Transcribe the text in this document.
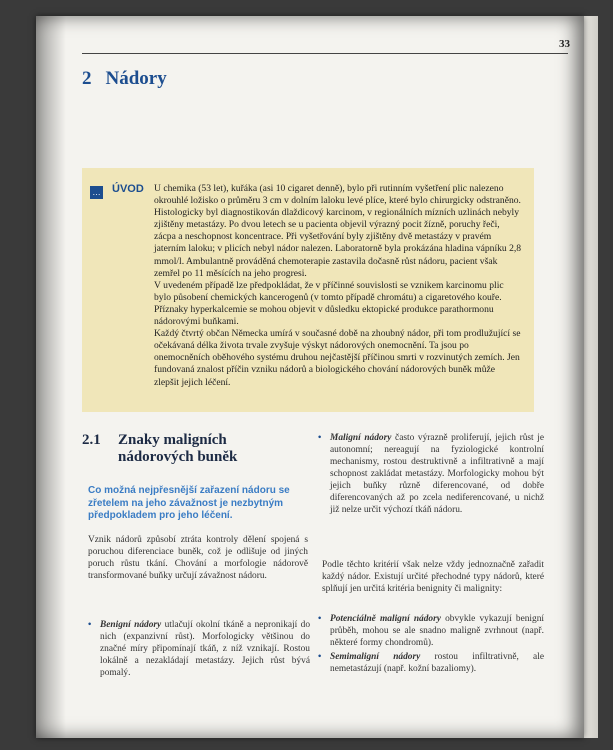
33
2 Nádory
… ÚVOD U chemika (53 let), kuřáka (asi 10 cigaret denně), bylo při rutinním vyšetření plic nalezeno okrouhlé ložisko o průměru 3 cm v dolním laloku levé plíce, které bylo chirurgicky odstraněno. Histologicky byl diagnostikován dlaždicový karcinom, v regionálních mízních uzlinách nebyly zjištěny metastázy. Po dvou letech se u pacienta objevil výrazný pocit žízně, poruchy řeči, zácpa a neschopnost koncentrace. Při vyšetřování byly zjištěny dvě metastázy v pravém jaterním laloku; v plicích nebyl nádor nalezen. Laboratorně byla prokázána hladina vápníku 2,8 mmol/l. Ambulantně prováděná chemoterapie zastavila dočasně růst nádoru, pacient však zemřel po 11 měsících na jeho progresi.

V uvedeném případě lze předpokládat, že v příčinné souvislosti se vznikem karcinomu plic bylo působení chemických kancerogenů (v tomto případě chromátu) a cigaretového kouře. Příznaky hyperkalcemie se mohou objevit v důsledku ektopické produkce parathormonu nádorovými buňkami.

Každý čtvrtý občan Německa umírá v současné době na zhoubný nádor, při tom prodlužující se očekávaná délka života trvale zvyšuje výskyt nádorových onemocnění. Ta jsou po onemocněních oběhového systému druhou nejčastější příčinou smrti v rozvinutých zemích. Jen fundovaná znalost příčin vzniku nádorů a biologického chování nádorových buněk může zlepšit jejich léčení.

2.1 Znaky maligních nádorových buněk
Co možná nejpřesnější zařazení nádoru se zřetelem na jeho závažnost je nezbytným předpokladem pro jeho léčení.
Vznik nádorů způsobí ztráta kontroly dělení spojená s poruchou diferenciace buněk, což je odlišuje od jiných poruch růstu tkání. Chování a morfologie nádorově transformované buňky určují závažnost nádoru.
• Benigní nádory utlačují okolní tkáně a nepronikají do nich (expanzivní růst). Morfologicky většinou do značné míry připomínají tkáň, z níž vznikají. Rostou lokálně a nezakládají metastázy. Jejich růst bývá pomalý.
• Maligní nádory často výrazně proliferují, jejich růst je autonomní; nereagují na fyziologické kontrolní mechanismy, rostou destruktivně a infiltrativně a mají schopnost zakládat metastázy. Morfologicky mohou být jejich buňky různě diferencované, od dobře diferencovaných až po zcela nediferencované, u nichž již nelze určit výchozí tkáň nádoru.
Podle těchto kritérií však nelze vždy jednoznačně zařadit každý nádor. Existují určité přechodné typy nádorů, které splňují jen určitá kritéria benignity či malignity:
• Potenciálně maligní nádory obvykle vykazují benigní průběh, mohou se ale snadno maligně zvrhnout (např. některé formy chondromů).
• Semimaligní nádory rostou infiltrativně, ale nemetastázují (např. kožní bazaliomy).
